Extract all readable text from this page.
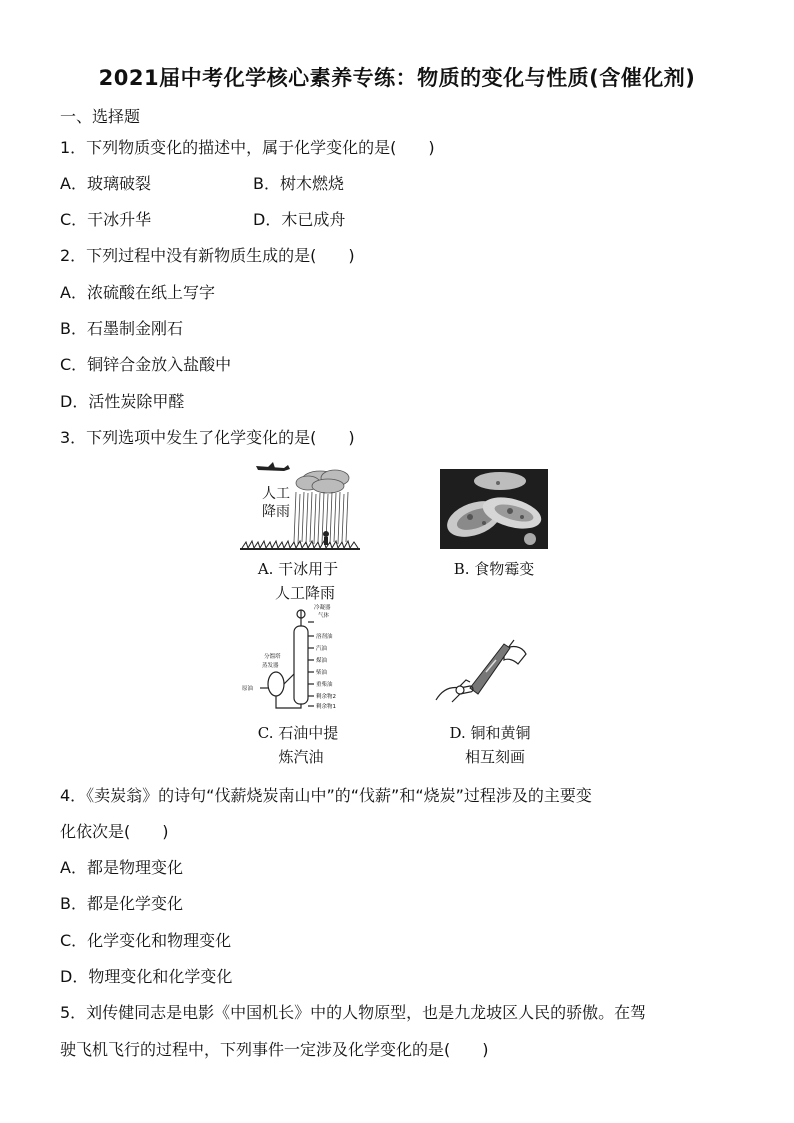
2021届中考化学核心素养专练：物质的变化与性质(含催化剂)
一、选择题
1．下列物质变化的描述中，属于化学变化的是(　　)
A．玻璃破裂	B．树木燃烧
C．干冰升华	D．木已成舟
2．下列过程中没有新物质生成的是(　　)
A．浓硫酸在纸上写字
B．石墨制金刚石
C．铜锌合金放入盐酸中
D．活性炭除甲醛
3．下列选项中发生了化学变化的是(　　)
人工
降雨
A. 干冰用于
人工降雨
B. 食物霉变
冷凝器
气体
溶剂油
汽油
煤油
柴油
重柴油
剩余物2
剩余物1
分馏塔
蒸发器
原油
C. 石油中提
炼汽油
D. 铜和黄铜
相互刻画
4．《卖炭翁》的诗句“伐薪烧炭南山中”的“伐薪”和“烧炭”过程涉及的主要变
化依次是(　　)
A．都是物理变化
B．都是化学变化
C．化学变化和物理变化
D．物理变化和化学变化
5．刘传健同志是电影《中国机长》中的人物原型，也是九龙坡区人民的骄傲。在驾
驶飞机飞行的过程中，下列事件一定涉及化学变化的是(　　)
